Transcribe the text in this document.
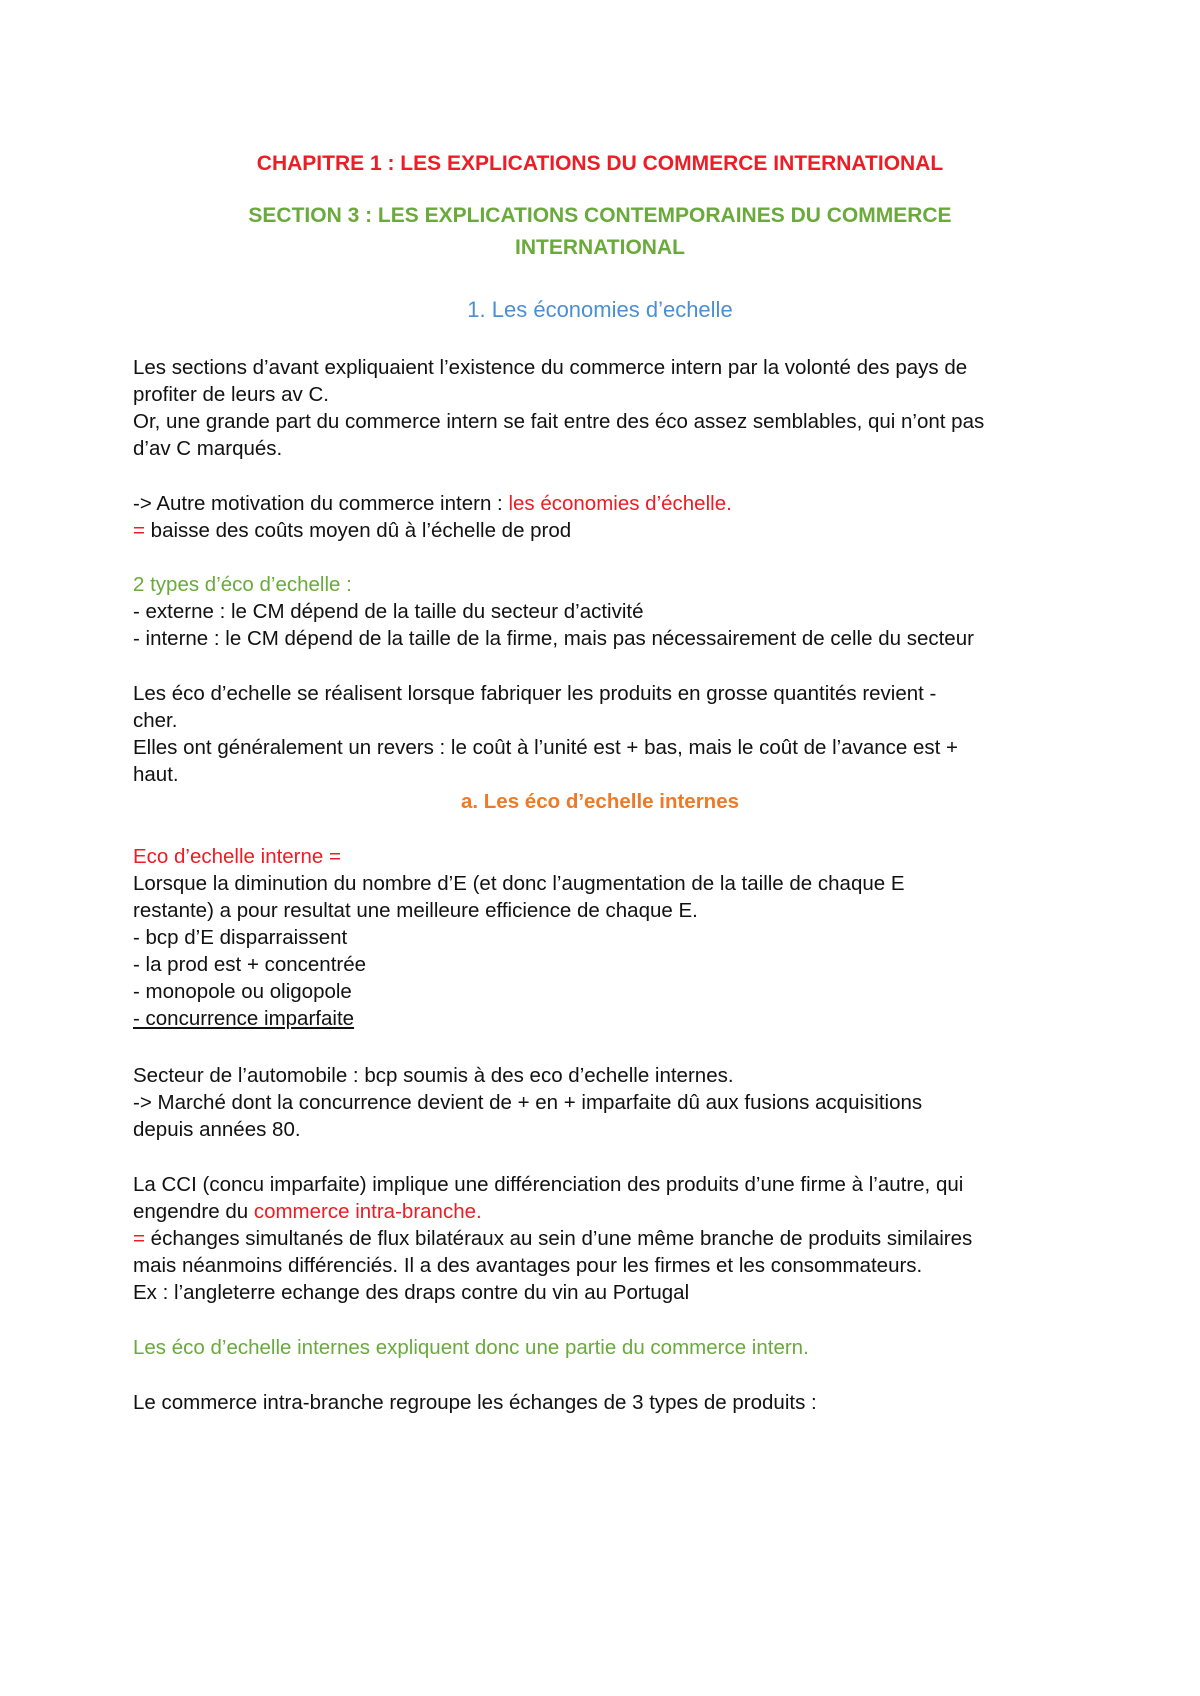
CHAPITRE 1 : LES EXPLICATIONS DU COMMERCE INTERNATIONAL
SECTION 3 : LES EXPLICATIONS CONTEMPORAINES DU COMMERCE
INTERNATIONAL
1. Les économies d’echelle
Les sections d’avant expliquaient l’existence du commerce intern par la volonté des pays de
profiter de leurs av C.
Or, une grande part du commerce intern se fait entre des éco assez semblables, qui n’ont pas
d’av C marqués.
-> Autre motivation du commerce intern : les économies d’échelle.
= baisse des coûts moyen dû à l’échelle de prod
2 types d’éco d’echelle :
- externe : le CM dépend de la taille du secteur d’activité
- interne : le CM dépend de la taille de la firme, mais pas nécessairement de celle du secteur
Les éco d’echelle se réalisent lorsque fabriquer les produits en grosse quantités revient -
cher.
Elles ont généralement un revers : le coût à l’unité est + bas, mais le coût de l’avance est +
haut.
a. Les éco d’echelle internes
Eco d’echelle interne =
Lorsque la diminution du nombre d’E (et donc l’augmentation de la taille de chaque E
restante) a pour resultat une meilleure efficience de chaque E.
- bcp d’E disparraissent
- la prod est + concentrée
- monopole ou oligopole
- concurrence imparfaite
Secteur de l’automobile : bcp soumis à des eco d’echelle internes.
-> Marché dont la concurrence devient de + en + imparfaite dû aux fusions acquisitions
depuis années 80.
La CCI (concu imparfaite) implique une différenciation des produits d’une firme à l’autre, qui
engendre du commerce intra-branche.
= échanges simultanés de flux bilatéraux au sein d’une même branche de produits similaires
mais néanmoins différenciés. Il a des avantages pour les firmes et les consommateurs.
Ex : l’angleterre echange des draps contre du vin au Portugal
Les éco d’echelle internes expliquent donc une partie du commerce intern.
Le commerce intra-branche regroupe les échanges de 3 types de produits :
